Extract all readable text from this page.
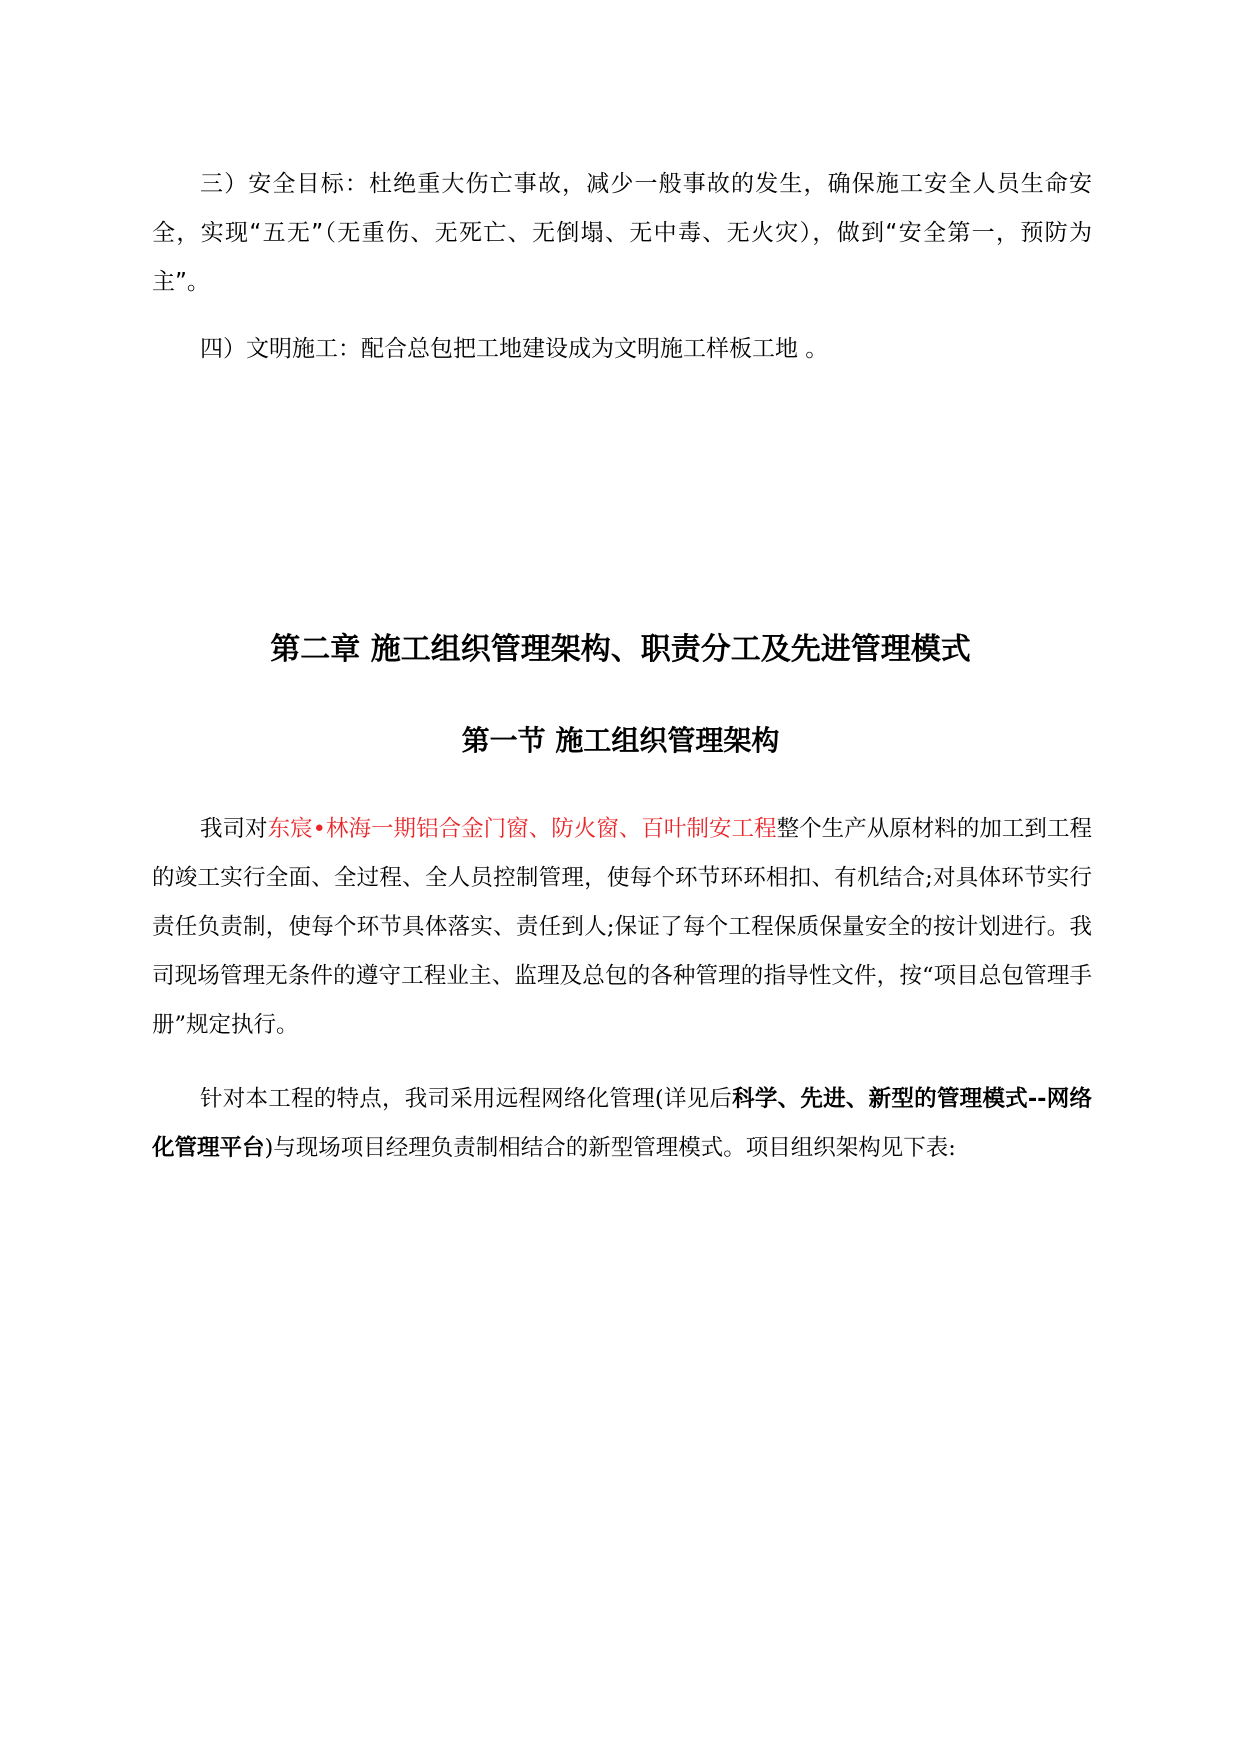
三）安全目标：杜绝重大伤亡事故，减少一般事故的发生，确保施工安全人员生命安全，实现“五无”（无重伤、无死亡、无倒塌、无中毒、无火灾），做到“安全第一，预防为主”。

四）文明施工：配合总包把工地建设成为文明施工样板工地 。

第二章 施工组织管理架构、职责分工及先进管理模式
第一节 施工组织管理架构

我司对东宸•林海一期铝合金门窗、防火窗、百叶制安工程整个生产从原材料的加工到工程的竣工实行全面、全过程、全人员控制管理，使每个环节环环相扣、有机结合;对具体环节实行责任负责制，使每个环节具体落实、责任到人;保证了每个工程保质保量安全的按计划进行。我司现场管理无条件的遵守工程业主、监理及总包的各种管理的指导性文件，按“项目总包管理手册”规定执行。

针对本工程的特点，我司采用远程网络化管理(详见后科学、先进、新型的管理模式--网络化管理平台)与现场项目经理负责制相结合的新型管理模式。项目组织架构见下表:
